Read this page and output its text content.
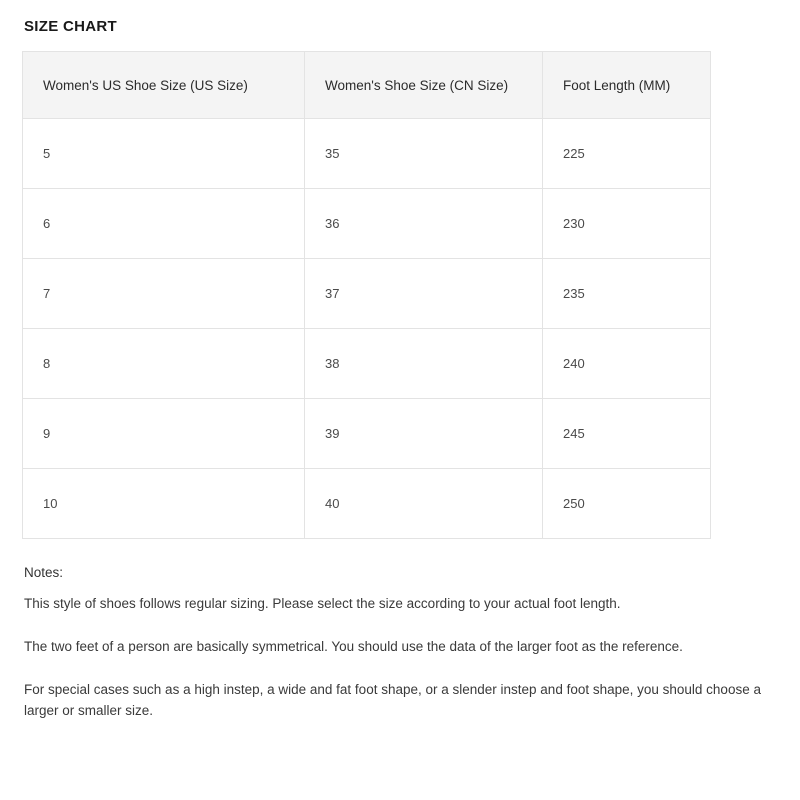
SIZE CHART
Women's US Shoe Size (US Size)	Women's Shoe Size (CN Size)	Foot Length (MM)
5	35	225
6	36	230
7	37	235
8	38	240
9	39	245
10	40	250
Notes:

This style of shoes follows regular sizing. Please select the size according to your actual foot length.

The two feet of a person are basically symmetrical. You should use the data of the larger foot as the reference.

For special cases such as a high instep, a wide and fat foot shape, or a slender instep and foot shape, you should choose a larger or smaller size.
